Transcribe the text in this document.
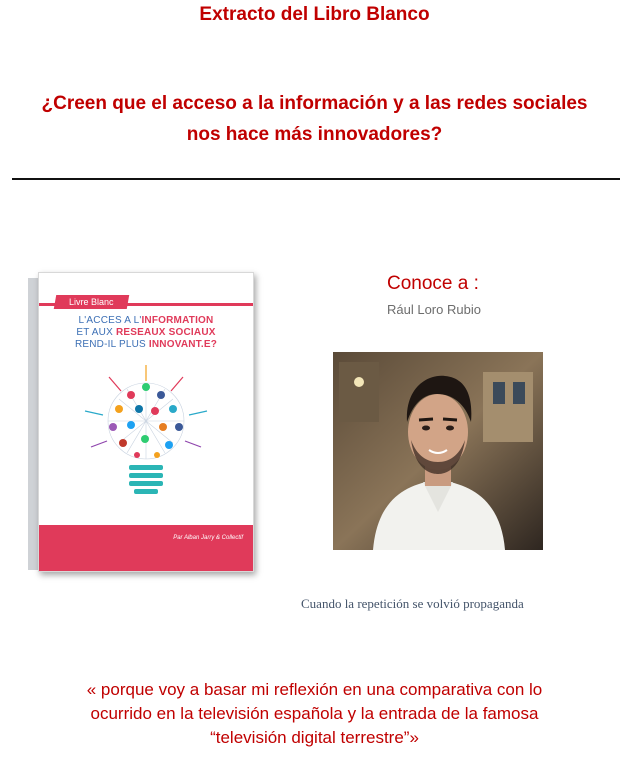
Extracto del Libro Blanco
¿Creen que el acceso a la información y a las redes sociales
nos hace más innovadores?
Livre Blanc
L'ACCES A L'INFORMATION
ET AUX RESEAUX SOCIAUX
REND-IL PLUS INNOVANT.E?
Par Alban Jarry & Collectif
Conoce a :
Rául Loro Rubio
Cuando la repetición se volvió propaganda
« porque voy a basar mi reflexión en una comparativa con lo
ocurrido en la televisión española y la entrada de la famosa
“televisión digital terrestre”»
